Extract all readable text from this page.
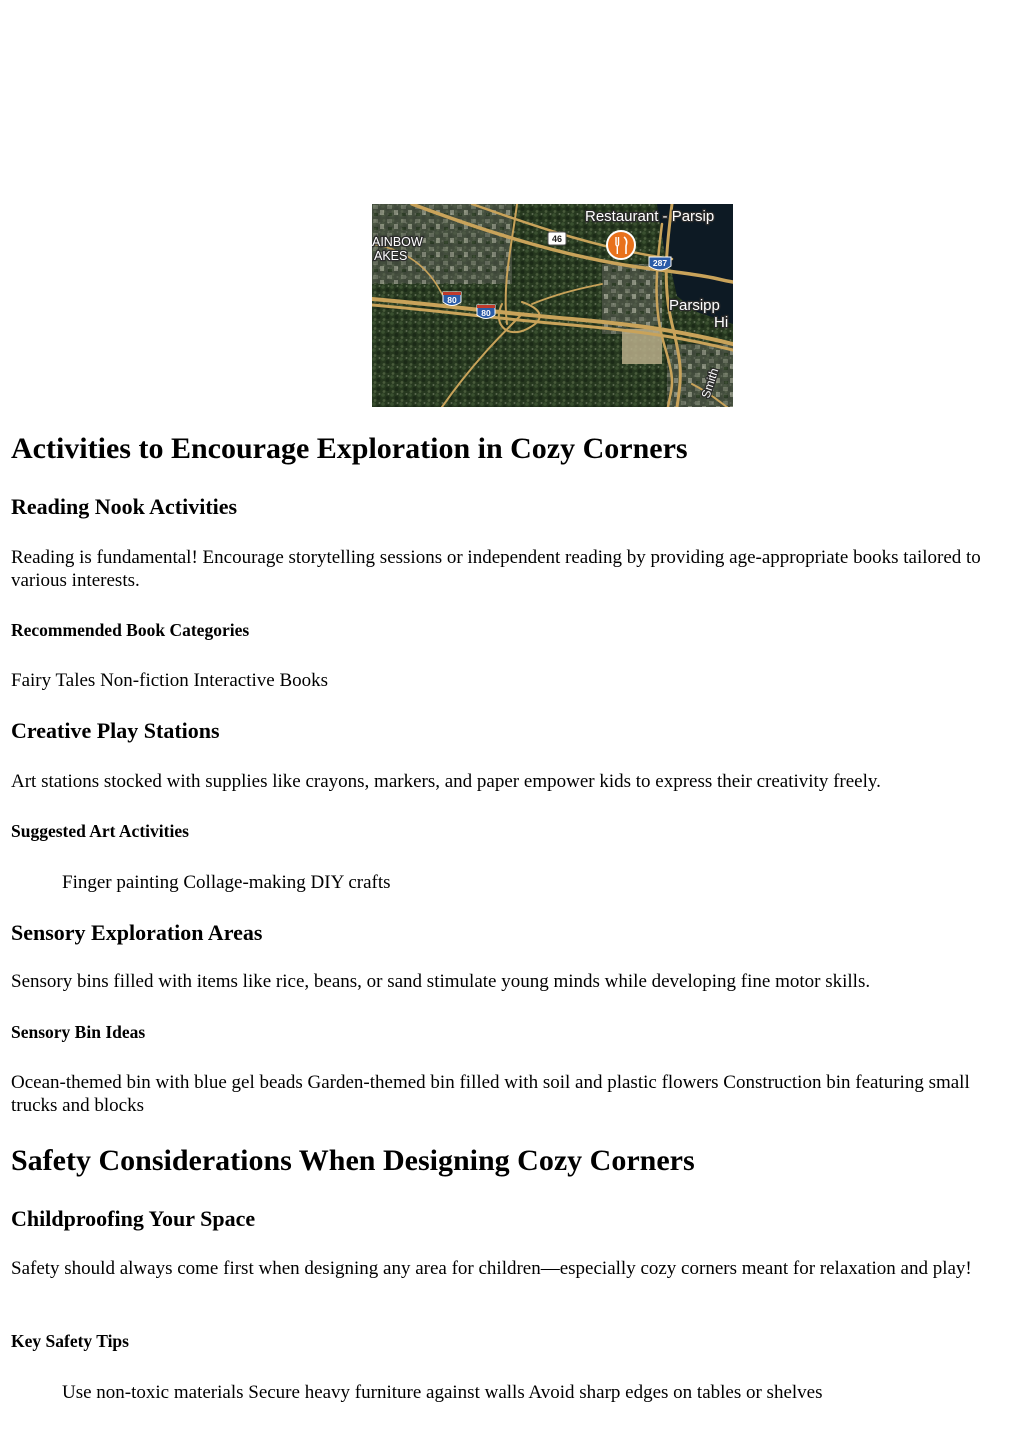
46
287
80
80
Restaurant - Parsip
AINBOW
AKES
Parsipp
Hi
Smith
Activities to Encourage Exploration in Cozy Corners
Reading Nook Activities

Reading is fundamental! Encourage storytelling sessions or independent reading by providing age-appropriate books tailored to various interests.

Recommended Book Categories

Fairy Tales Non-fiction Interactive Books

Creative Play Stations

Art stations stocked with supplies like crayons, markers, and paper empower kids to express their creativity freely.

Suggested Art Activities

Finger painting Collage-making DIY crafts

Sensory Exploration Areas

Sensory bins filled with items like rice, beans, or sand stimulate young minds while developing fine motor skills.

Sensory Bin Ideas

Ocean-themed bin with blue gel beads Garden-themed bin filled with soil and plastic flowers Construction bin featuring small trucks and blocks

Safety Considerations When Designing Cozy Corners
Childproofing Your Space

Safety should always come first when designing any area for children—especially cozy corners meant for relaxation and play!

Key Safety Tips

Use non-toxic materials Secure heavy furniture against walls Avoid sharp edges on tables or shelves
